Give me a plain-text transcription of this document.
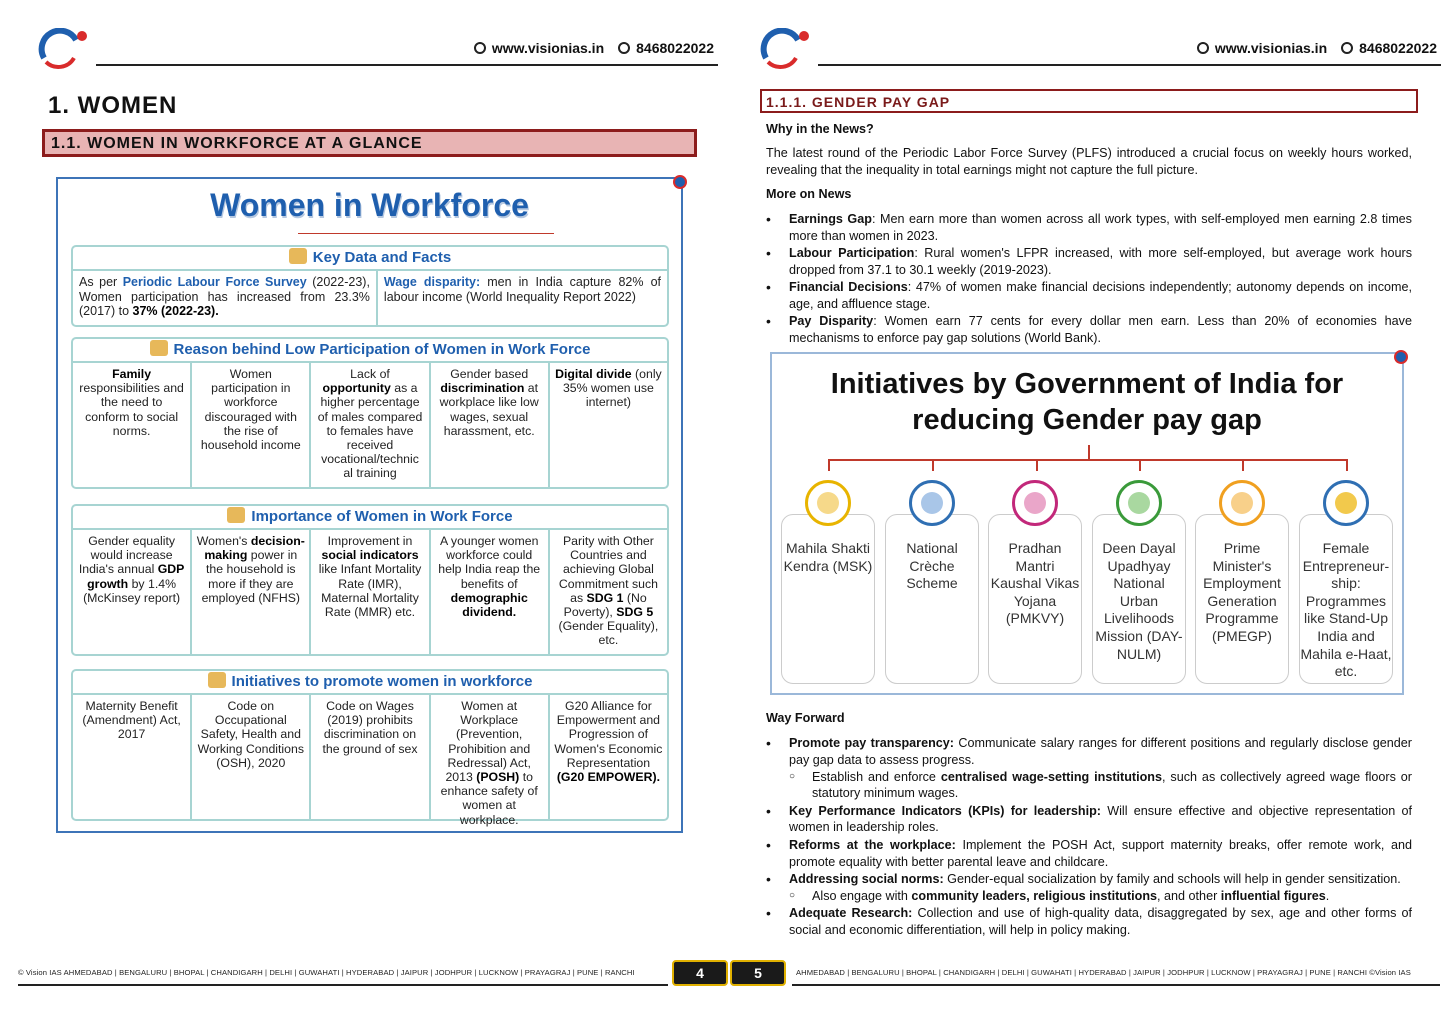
www.visionias.in	8468022022
1. WOMEN
1.1. WOMEN IN WORKFORCE AT A GLANCE
Women in Workforce
Key Data and Facts
As per Periodic Labour Force Survey (2022-23), Women participation has increased from 23.3% (2017) to 37% (2022-23).
Wage disparity: men in India capture 82% of labour income (World Inequality Report 2022)
Reason behind Low Participation of Women in Work Force
Family responsibilities and the need to conform to social norms.
Women participation in workforce discouraged with the rise of household income
Lack of opportunity as a higher percentage of males compared to females have received vocational/technic al training
Gender based discrimination at workplace like low wages, sexual harassment, etc.
Digital divide (only 35% women use internet)
Importance of Women in Work Force
Gender equality would increase India's annual GDP growth by 1.4% (McKinsey report)
Women's decision-making power in the household is more if they are employed (NFHS)
Improvement in social indicators like Infant Mortality Rate (IMR), Maternal Mortality Rate (MMR) etc.
A younger women workforce could help India reap the benefits of demographic dividend.
Parity with Other Countries and achieving Global Commitment such as SDG 1 (No Poverty), SDG 5 (Gender Equality), etc.
Initiatives to promote women in workforce
Maternity Benefit (Amendment) Act, 2017
Code on Occupational Safety, Health and Working Conditions (OSH), 2020
Code on Wages (2019) prohibits discrimination on the ground of sex
Women at Workplace (Prevention, Prohibition and Redressal) Act, 2013 (POSH) to enhance safety of women at workplace.
G20 Alliance for Empowerment and Progression of Women's Economic Representation (G20 EMPOWER).
© Vision IAS AHMEDABAD | BENGALURU | BHOPAL | CHANDIGARH | DELHI | GUWAHATI | HYDERABAD | JAIPUR | JODHPUR | LUCKNOW | PRAYAGRAJ | PUNE | RANCHI	4
www.visionias.in	8468022022
1.1.1. GENDER PAY GAP
Why in the News?
The latest round of the Periodic Labor Force Survey (PLFS) introduced a crucial focus on weekly hours worked, revealing that the inequality in total earnings might not capture the full picture.
More on News
• Earnings Gap: Men earn more than women across all work types, with self-employed men earning 2.8 times more than women in 2023.
• Labour Participation: Rural women's LFPR increased, with more self-employed, but average work hours dropped from 37.1 to 30.1 weekly (2019-2023).
• Financial Decisions: 47% of women make financial decisions independently; autonomy depends on income, age, and affluence stage.
• Pay Disparity: Women earn 77 cents for every dollar men earn. Less than 20% of economies have mechanisms to enforce pay gap solutions (World Bank).
Initiatives by Government of India for
reducing Gender pay gap
Mahila Shakti Kendra (MSK)
National Crèche Scheme
Pradhan Mantri Kaushal Vikas Yojana (PMKVY)
Deen Dayal Upadhyay National Urban Livelihoods Mission (DAY-NULM)
Prime Minister's Employment Generation Programme (PMEGP)
Female Entrepreneur-ship: Programmes like Stand-Up India and Mahila e-Haat, etc.
Way Forward
• Promote pay transparency: Communicate salary ranges for different positions and regularly disclose gender pay gap data to assess progress.
○ Establish and enforce centralised wage-setting institutions, such as collectively agreed wage floors or statutory minimum wages.
• Key Performance Indicators (KPIs) for leadership: Will ensure effective and objective representation of women in leadership roles.
• Reforms at the workplace: Implement the POSH Act, support maternity breaks, offer remote work, and promote equality with better parental leave and childcare.
• Addressing social norms: Gender-equal socialization by family and schools will help in gender sensitization.
○ Also engage with community leaders, religious institutions, and other influential figures.
• Adequate Research: Collection and use of high-quality data, disaggregated by sex, age and other forms of social and economic differentiation, will help in policy making.
5	AHMEDABAD | BENGALURU | BHOPAL | CHANDIGARH | DELHI | GUWAHATI | HYDERABAD | JAIPUR | JODHPUR | LUCKNOW | PRAYAGRAJ | PUNE | RANCHI ©Vision IAS
